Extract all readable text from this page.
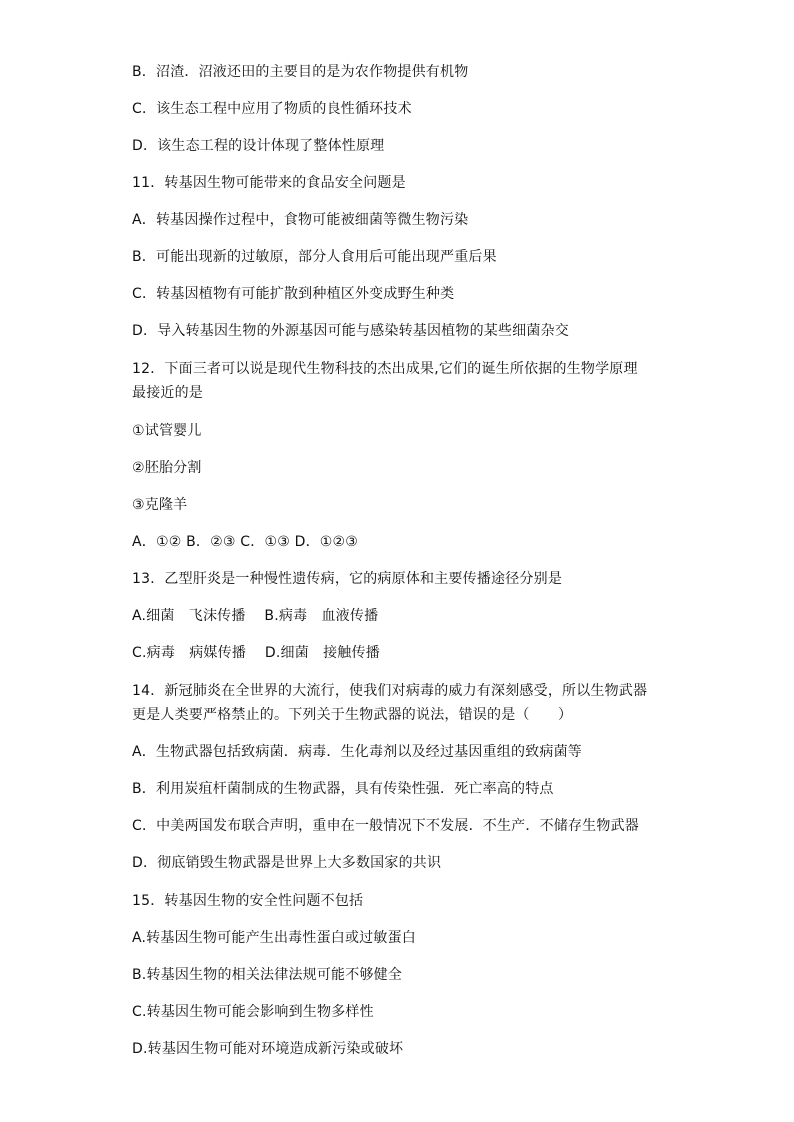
B．沼渣．沼液还田的主要目的是为农作物提供有机物
C．该生态工程中应用了物质的良性循环技术
D．该生态工程的设计体现了整体性原理
11．转基因生物可能带来的食品安全问题是
A．转基因操作过程中，食物可能被细菌等微生物污染
B．可能出现新的过敏原，部分人食用后可能出现严重后果
C．转基因植物有可能扩散到种植区外变成野生种类
D．导入转基因生物的外源基因可能与感染转基因植物的某些细菌杂交
12．下面三者可以说是现代生物科技的杰出成果,它们的诞生所依据的生物学原理
最接近的是
①试管婴儿
②胚胎分割
③克隆羊
A．①② B．②③ C．①③ D．①②③
13．乙型肝炎是一种慢性遗传病，它的病原体和主要传播途径分别是
A.细菌　飞沫传播　 B.病毒　血液传播
C.病毒　病媒传播　 D.细菌　接触传播
14．新冠肺炎在全世界的大流行，使我们对病毒的威力有深刻感受，所以生物武器
更是人类要严格禁止的。下列关于生物武器的说法，错误的是（　　）
A．生物武器包括致病菌．病毒．生化毒剂以及经过基因重组的致病菌等
B．利用炭疽杆菌制成的生物武器，具有传染性强．死亡率高的特点
C．中美两国发布联合声明，重申在一般情况下不发展．不生产．不储存生物武器
D．彻底销毁生物武器是世界上大多数国家的共识
15．转基因生物的安全性问题不包括
A.转基因生物可能产生出毒性蛋白或过敏蛋白
B.转基因生物的相关法律法规可能不够健全
C.转基因生物可能会影响到生物多样性
D.转基因生物可能对环境造成新污染或破坏
